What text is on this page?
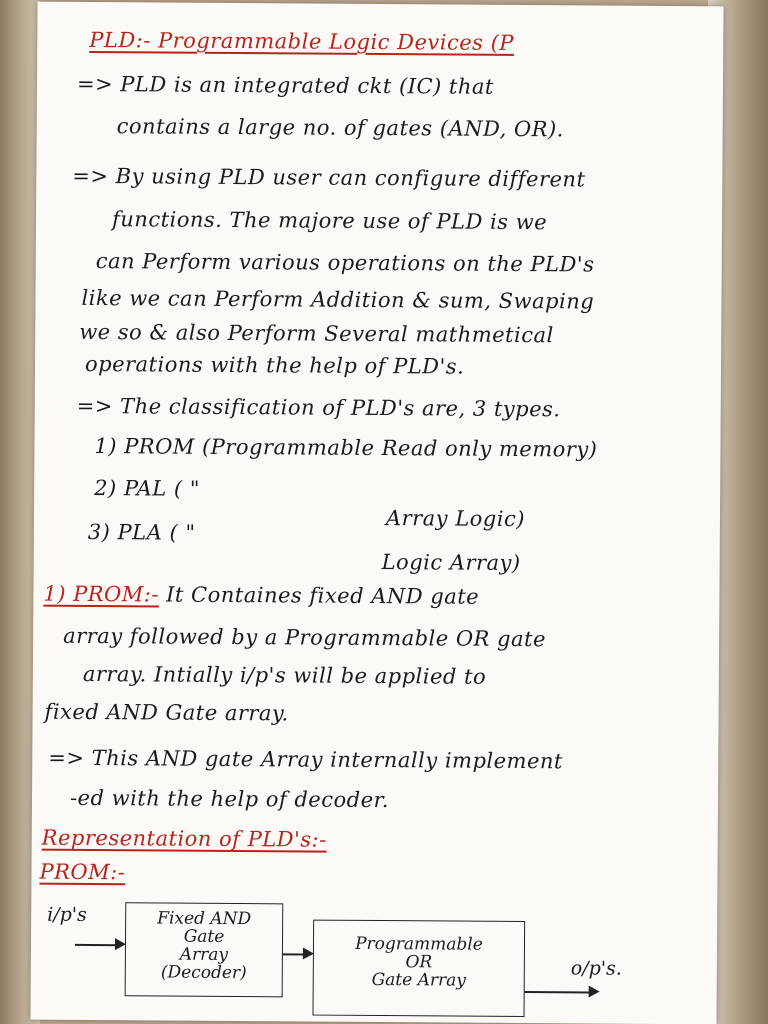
PLD:- Programmable Logic Devices (P
=> PLD is an integrated ckt (IC) that
contains a large no. of gates (AND, OR).
=> By using PLD user can configure different
functions. The majore use of PLD is we
can Perform various operations on the PLD's
like we can Perform Addition & sum, Swaping
we so & also Perform Several mathmetical
operations with the help of PLD's.
=> The classification of PLD's are, 3 types.
1) PROM (Programmable Read only memory)
2) PAL ( "
Array Logic)
3) PLA ( "
Logic Array)
1) PROM:- It Containes fixed AND gate
array followed by a Programmable OR gate
array. Intially i/p's will be applied to
fixed AND Gate array.
=> This AND gate Array internally implement
-ed with the help of decoder.
Representation of PLD's:-
PROM:-
i/p's	Fixed AND
Gate
Array
(Decoder)
Programmable
OR
Gate Array
o/p's.
